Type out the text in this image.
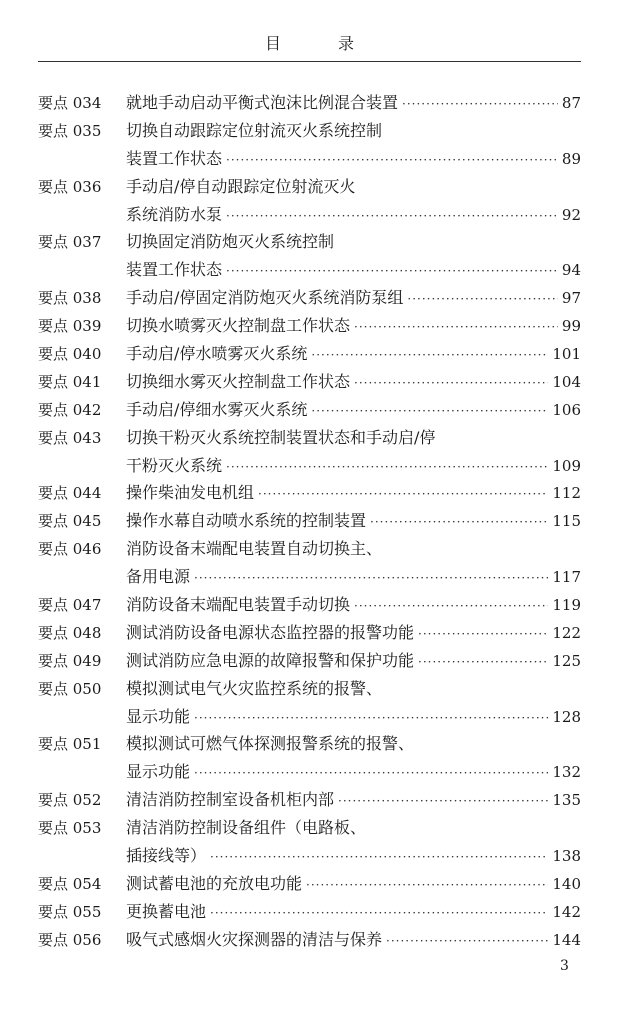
目 录
要点 034	就地手动启动平衡式泡沫比例混合装置 ·····	87
要点 035	切换自动跟踪定位射流灭火系统控制
装置工作状态 ·····	89
要点 036	手动启/停自动跟踪定位射流灭火
系统消防水泵 ·····	92
要点 037	切换固定消防炮灭火系统控制
装置工作状态 ·····	94
要点 038	手动启/停固定消防炮灭火系统消防泵组 ·····	97
要点 039	切换水喷雾灭火控制盘工作状态 ·····	99
要点 040	手动启/停水喷雾灭火系统 ·····	101
要点 041	切换细水雾灭火控制盘工作状态 ·····	104
要点 042	手动启/停细水雾灭火系统 ·····	106
要点 043	切换干粉灭火系统控制装置状态和手动启/停
干粉灭火系统 ·····	109
要点 044	操作柴油发电机组 ·····	112
要点 045	操作水幕自动喷水系统的控制装置 ·····	115
要点 046	消防设备末端配电装置自动切换主、
备用电源 ·····	117
要点 047	消防设备末端配电装置手动切换 ·····	119
要点 048	测试消防设备电源状态监控器的报警功能 ·····	122
要点 049	测试消防应急电源的故障报警和保护功能 ·····	125
要点 050	模拟测试电气火灾监控系统的报警、
显示功能 ·····	128
要点 051	模拟测试可燃气体探测报警系统的报警、
显示功能 ·····	132
要点 052	清洁消防控制室设备机柜内部 ·····	135
要点 053	清洁消防控制设备组件（电路板、
插接线等） ·····	138
要点 054	测试蓄电池的充放电功能 ·····	140
要点 055	更换蓄电池 ·····	142
要点 056	吸气式感烟火灾探测器的清洁与保养 ·····	144
3
